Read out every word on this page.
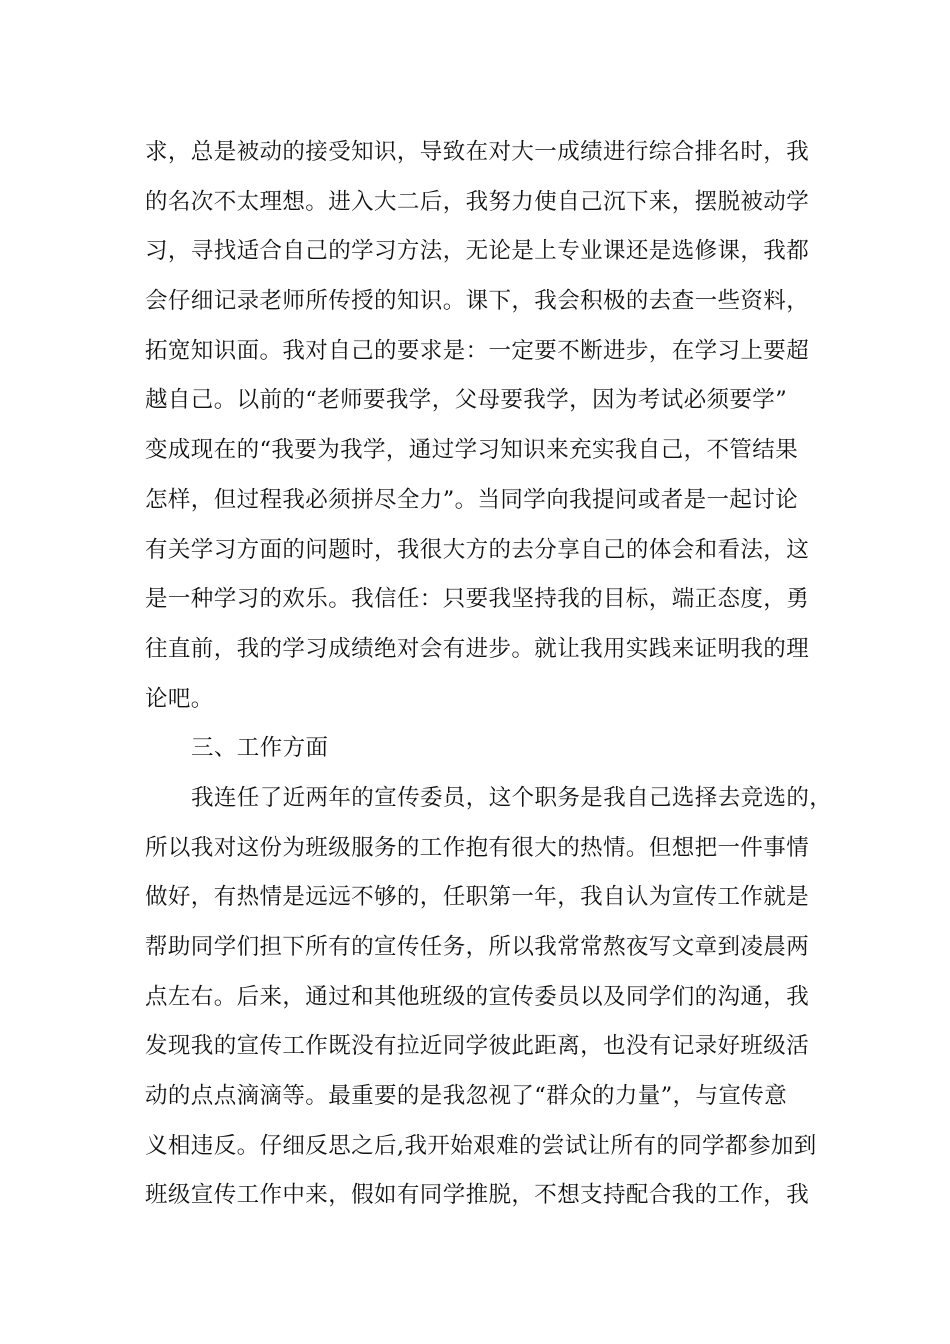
求，总是被动的接受知识，导致在对大一成绩进行综合排名时，我
的名次不太理想。进入大二后，我努力使自己沉下来，摆脱被动学
习，寻找适合自己的学习方法，无论是上专业课还是选修课，我都
会仔细记录老师所传授的知识。课下，我会积极的去查一些资料，
拓宽知识面。我对自己的要求是：一定要不断进步，在学习上要超
越自己。以前的“老师要我学，父母要我学，因为考试必须要学”
变成现在的“我要为我学，通过学习知识来充实我自己，不管结果
怎样，但过程我必须拼尽全力”。当同学向我提问或者是一起讨论
有关学习方面的问题时，我很大方的去分享自己的体会和看法，这
是一种学习的欢乐。我信任：只要我坚持我的目标，端正态度，勇
往直前，我的学习成绩绝对会有进步。就让我用实践来证明我的理
论吧。
三、工作方面
我连任了近两年的宣传委员，这个职务是我自己选择去竞选的，
所以我对这份为班级服务的工作抱有很大的热情。但想把一件事情
做好，有热情是远远不够的，任职第一年，我自认为宣传工作就是
帮助同学们担下所有的宣传任务，所以我常常熬夜写文章到凌晨两
点左右。后来，通过和其他班级的宣传委员以及同学们的沟通，我
发现我的宣传工作既没有拉近同学彼此距离，也没有记录好班级活
动的点点滴滴等。最重要的是我忽视了“群众的力量”，与宣传意
义相违反。仔细反思之后,我开始艰难的尝试让所有的同学都参加到
班级宣传工作中来，假如有同学推脱，不想支持配合我的工作，我
